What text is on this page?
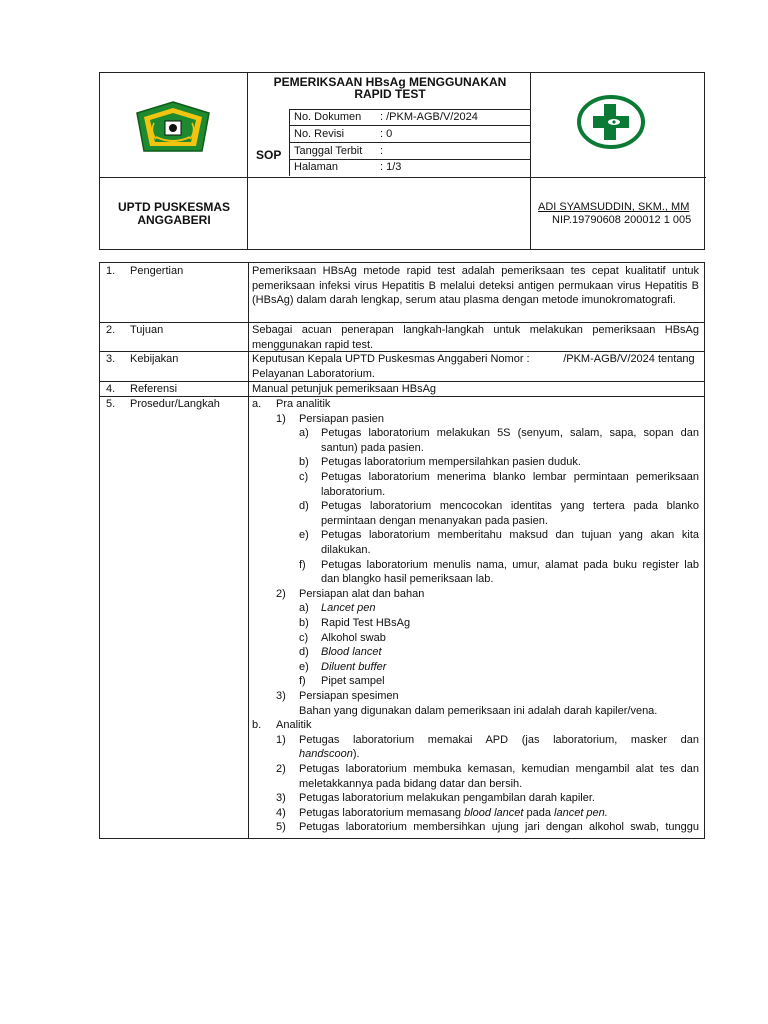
PEMERIKSAAN HBsAg MENGGUNAKAN
RAPID TEST
SOP
No. Dokumen : /PKM-AGB/V/2024
No. Revisi	: 0
Tanggal Terbit :
Halaman	: 1/3
UPTD PUSKESMAS
ANGGABERI
ADI SYAMSUDDIN, SKM., MM
NIP.19790608 200012 1 005
1. Pengertian	Pemeriksaan HBsAg metode rapid test adalah pemeriksaan tes cepat kualitatif untuk pemeriksaan infeksi virus Hepatitis B melalui deteksi antigen permukaan virus Hepatitis B (HBsAg) dalam darah lengkap, serum atau plasma dengan metode imunokromatografi.
2. Tujuan	Sebagai acuan penerapan langkah-langkah untuk melakukan pemeriksaan HBsAg menggunakan rapid test.
3. Kebijakan	Keputusan Kepala UPTD Puskesmas Anggaberi Nomor :           /PKM-AGB/V/2024 tentang
Pelayanan Laboratorium.
4. Referensi	Manual petunjuk pemeriksaan HBsAg
5. Prosedur/Langkah	a. Pra analitik
1) Persiapan pasien
a) Petugas laboratorium melakukan 5S (senyum, salam, sapa, sopan dan
santun) pada pasien.
b) Petugas laboratorium mempersilahkan pasien duduk.
c) Petugas laboratorium menerima blanko lembar permintaan pemeriksaan
laboratorium.
d) Petugas laboratorium mencocokan identitas yang tertera pada blanko
permintaan dengan menanyakan pada pasien.
e) Petugas laboratorium memberitahu maksud dan tujuan yang akan kita
dilakukan.
f) Petugas laboratorium menulis nama, umur, alamat pada buku register lab
dan blangko hasil pemeriksaan lab.
2) Persiapan alat dan bahan
a) Lancet pen
b) Rapid Test HBsAg
c) Alkohol swab
d) Blood lancet
e) Diluent buffer
f) Pipet sampel
3) Persiapan spesimen
Bahan yang digunakan dalam pemeriksaan ini adalah darah kapiler/vena.
b. Analitik
1) Petugas laboratorium memakai APD (jas laboratorium, masker dan
handscoon).
2) Petugas laboratorium membuka kemasan, kemudian mengambil alat tes dan
meletakkannya pada bidang datar dan bersih.
3) Petugas laboratorium melakukan pengambilan darah kapiler.
4) Petugas laboratorium memasang blood lancet pada lancet pen.
5) Petugas laboratorium membersihkan ujung jari dengan alkohol swab, tunggu
